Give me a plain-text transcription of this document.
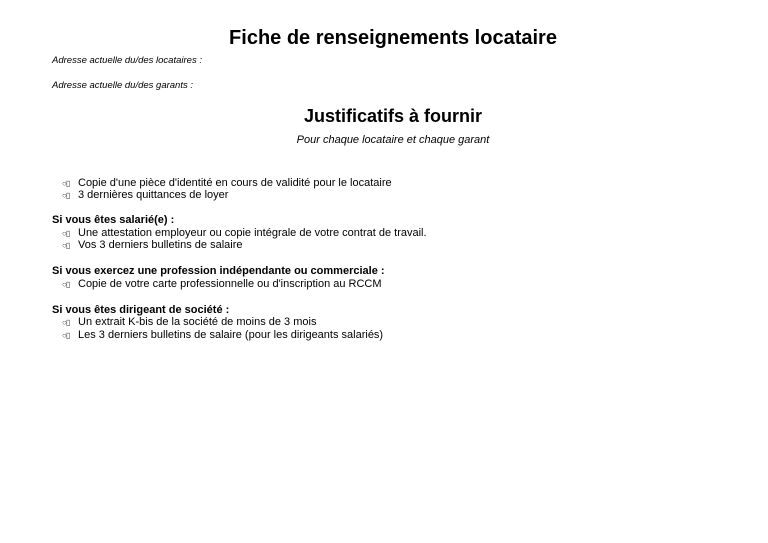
Fiche de renseignements locataire
Adresse actuelle du/des locataires :
Adresse actuelle du/des garants :
Justificatifs à fournir
Pour chaque locataire et chaque garant
○▯ Copie d'une pièce d'identité en cours de validité pour le locataire
○▯ 3 dernières quittances de loyer
Si vous êtes salarié(e) :
○▯ Une attestation employeur ou copie intégrale de votre contrat de travail.
○▯ Vos 3 derniers bulletins de salaire
Si vous exercez une profession indépendante ou commerciale :
○▯ Copie de votre carte professionnelle ou d'inscription au RCCM
Si vous êtes dirigeant de société :
○▯ Un extrait K-bis de la société de moins de 3 mois
○▯ Les 3 derniers bulletins de salaire (pour les dirigeants salariés)
